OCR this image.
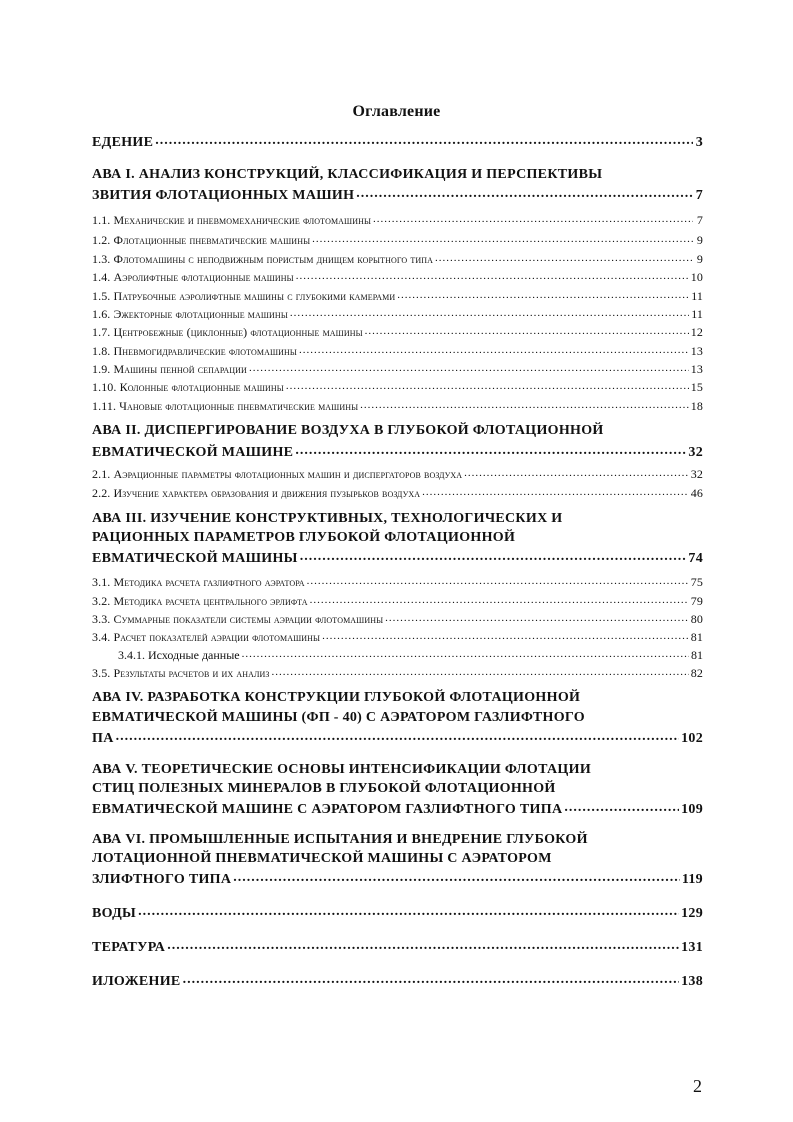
Оглавление
ЕДЕНИЕ .....	3
АВА I. АНАЛИЗ КОНСТРУКЦИЙ, КЛАССИФИКАЦИЯ И ПЕРСПЕКТИВЫ
ЗВИТИЯ ФЛОТАЦИОННЫХ МАШИН .....	7
1.1. Механические и пневмомеханические флотомашины .....	7
1.2. Флотационные пневматические машины .....	9
1.3. Флотомашины с неподвижным пористым днищем корытного типа .....	9
1.4. Аэролифтные флотационные машины .....	10
1.5. Патрубочные аэролифтные машины с глубокими камерами .....	11
1.6. Эжекторные флотационные машины .....	11
1.7. Центробежные (циклонные) флотационные машины .....	12
1.8. Пневмогидравлические флотомашины .....	13
1.9. Машины пенной сепарации .....	13
1.10. Колонные флотационные машины .....	15
1.11. Чановые флотационные пневматические машины .....	18
АВА II. ДИСПЕРГИРОВАНИЕ ВОЗДУХА В ГЛУБОКОЙ ФЛОТАЦИОННОЙ
ЕВМАТИЧЕСКОЙ МАШИНЕ .....	32
2.1. Аэрационные параметры флотационных машин и диспергаторов воздуха .....	32
2.2. Изучение характера образования и движения пузырьков воздуха .....	46
АВА III. ИЗУЧЕНИЕ КОНСТРУКТИВНЫХ, ТЕХНОЛОГИЧЕСКИХ И
РАЦИОННЫХ ПАРАМЕТРОВ ГЛУБОКОЙ ФЛОТАЦИОННОЙ
ЕВМАТИЧЕСКОЙ МАШИНЫ .....	74
3.1. Методика расчета газлифтного аэратора .....	75
3.2. Методика расчета центрального эрлифта .....	79
3.3. Суммарные показатели системы аэрации флотомашины .....	80
3.4. Расчет показателей аэрации флотомашины .....	81
3.4.1. Исходные данные .....	81
3.5. Результаты расчетов и их анализ .....	82
АВА IV. РАЗРАБОТКА КОНСТРУКЦИИ ГЛУБОКОЙ ФЛОТАЦИОННОЙ
ЕВМАТИЧЕСКОЙ МАШИНЫ (ФП - 40) С АЭРАТОРОМ ГАЗЛИФТНОГО
ПА .....	102
АВА V. ТЕОРЕТИЧЕСКИЕ ОСНОВЫ ИНТЕНСИФИКАЦИИ ФЛОТАЦИИ
СТИЦ ПОЛЕЗНЫХ МИНЕРАЛОВ В ГЛУБОКОЙ ФЛОТАЦИОННОЙ
ЕВМАТИЧЕСКОЙ МАШИНЕ С АЭРАТОРОМ ГАЗЛИФТНОГО ТИПА .....	109
АВА VI. ПРОМЫШЛЕННЫЕ ИСПЫТАНИЯ И ВНЕДРЕНИЕ ГЛУБОКОЙ
ЛОТАЦИОННОЙ ПНЕВМАТИЧЕСКОЙ МАШИНЫ С АЭРАТОРОМ
ЗЛИФТНОГО ТИПА .....	119
ВОДЫ .....	129
ТЕРАТУРА .....	131
ИЛОЖЕНИЕ .....	138
2
